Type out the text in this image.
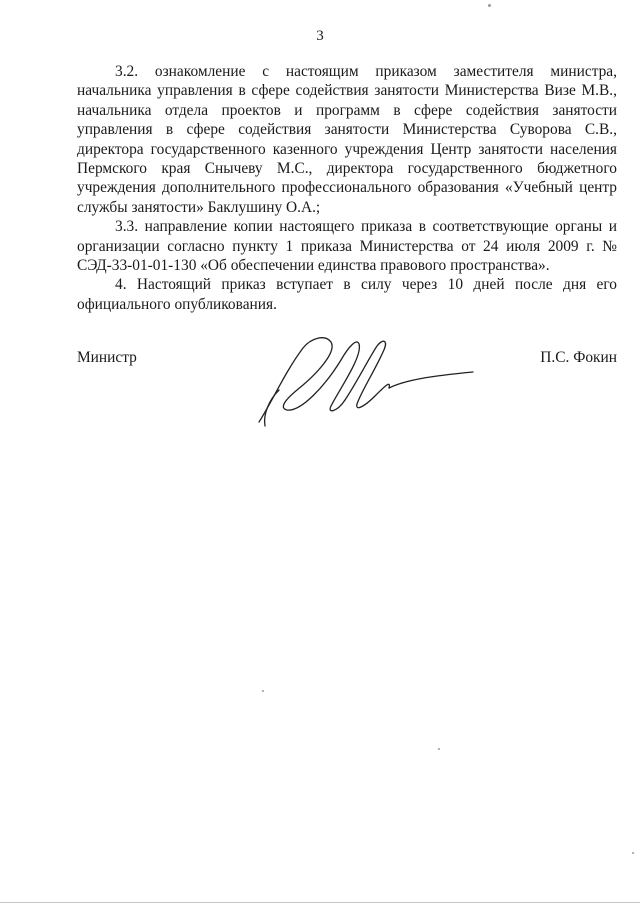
3

3.2. ознакомление с настоящим приказом заместителя министра, начальника управления в сфере содействия занятости Министерства Визе М.В., начальника отдела проектов и программ в сфере содействия занятости управления в сфере содействия занятости Министерства Суворова С.В., директора государственного казенного учреждения Центр занятости населения Пермского края Снычеву М.С., директора государственного бюджетного учреждения дополнительного профессионального образования «Учебный центр службы занятости» Баклушину О.А.;

3.3. направление копии настоящего приказа в соответствующие органы и организации согласно пункту 1 приказа Министерства от 24 июля 2009 г. № СЭД-33-01-01-130 «Об обеспечении единства правового пространства».

4. Настоящий приказ вступает в силу через 10 дней после дня его официального опубликования.

Министр	П.С. Фокин
